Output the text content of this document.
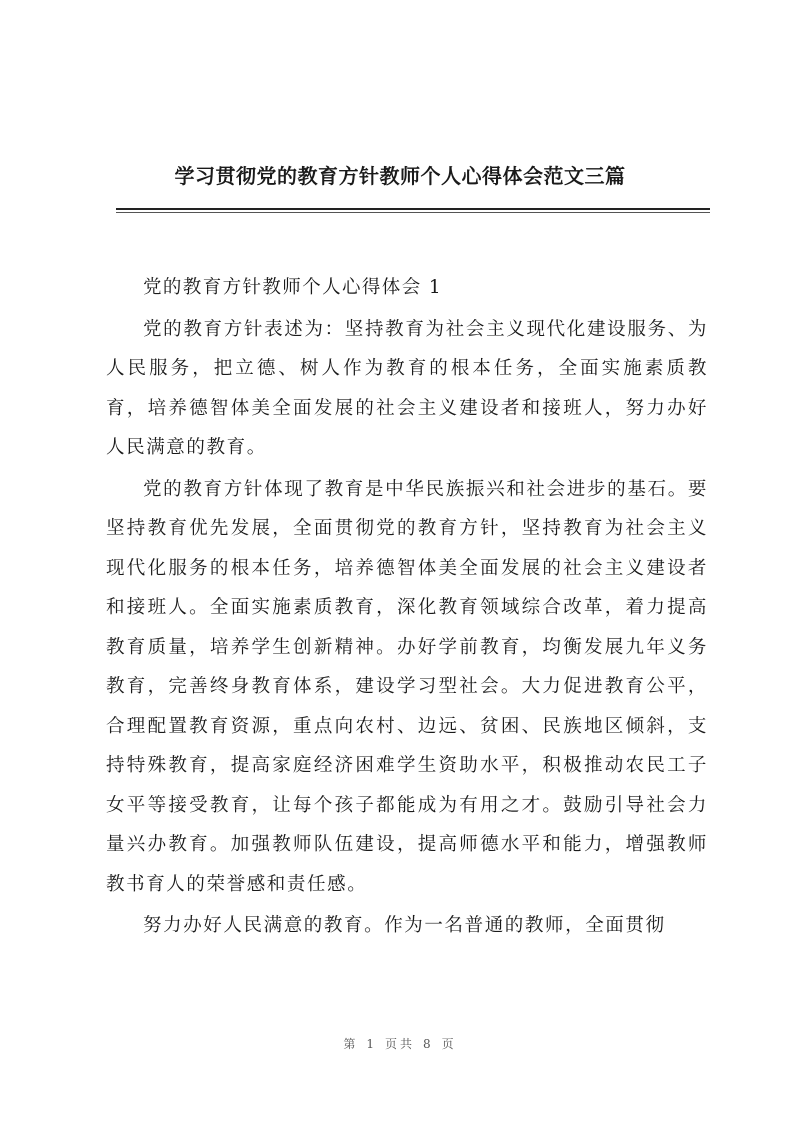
学习贯彻党的教育方针教师个人心得体会范文三篇

党的教育方针教师个人心得体会 1

党的教育方针表述为：坚持教育为社会主义现代化建设服务、为人民服务，把立德、树人作为教育的根本任务，全面实施素质教育，培养德智体美全面发展的社会主义建设者和接班人，努力办好人民满意的教育。

党的教育方针体现了教育是中华民族振兴和社会进步的基石。要坚持教育优先发展，全面贯彻党的教育方针，坚持教育为社会主义现代化服务的根本任务，培养德智体美全面发展的社会主义建设者和接班人。全面实施素质教育，深化教育领域综合改革，着力提高教育质量，培养学生创新精神。办好学前教育，均衡发展九年义务教育，完善终身教育体系，建设学习型社会。大力促进教育公平，合理配置教育资源，重点向农村、边远、贫困、民族地区倾斜，支持特殊教育，提高家庭经济困难学生资助水平，积极推动农民工子女平等接受教育，让每个孩子都能成为有用之才。鼓励引导社会力量兴办教育。加强教师队伍建设，提高师德水平和能力，增强教师教书育人的荣誉感和责任感。

努力办好人民满意的教育。作为一名普通的教师，全面贯彻

第 1 页共 8 页
